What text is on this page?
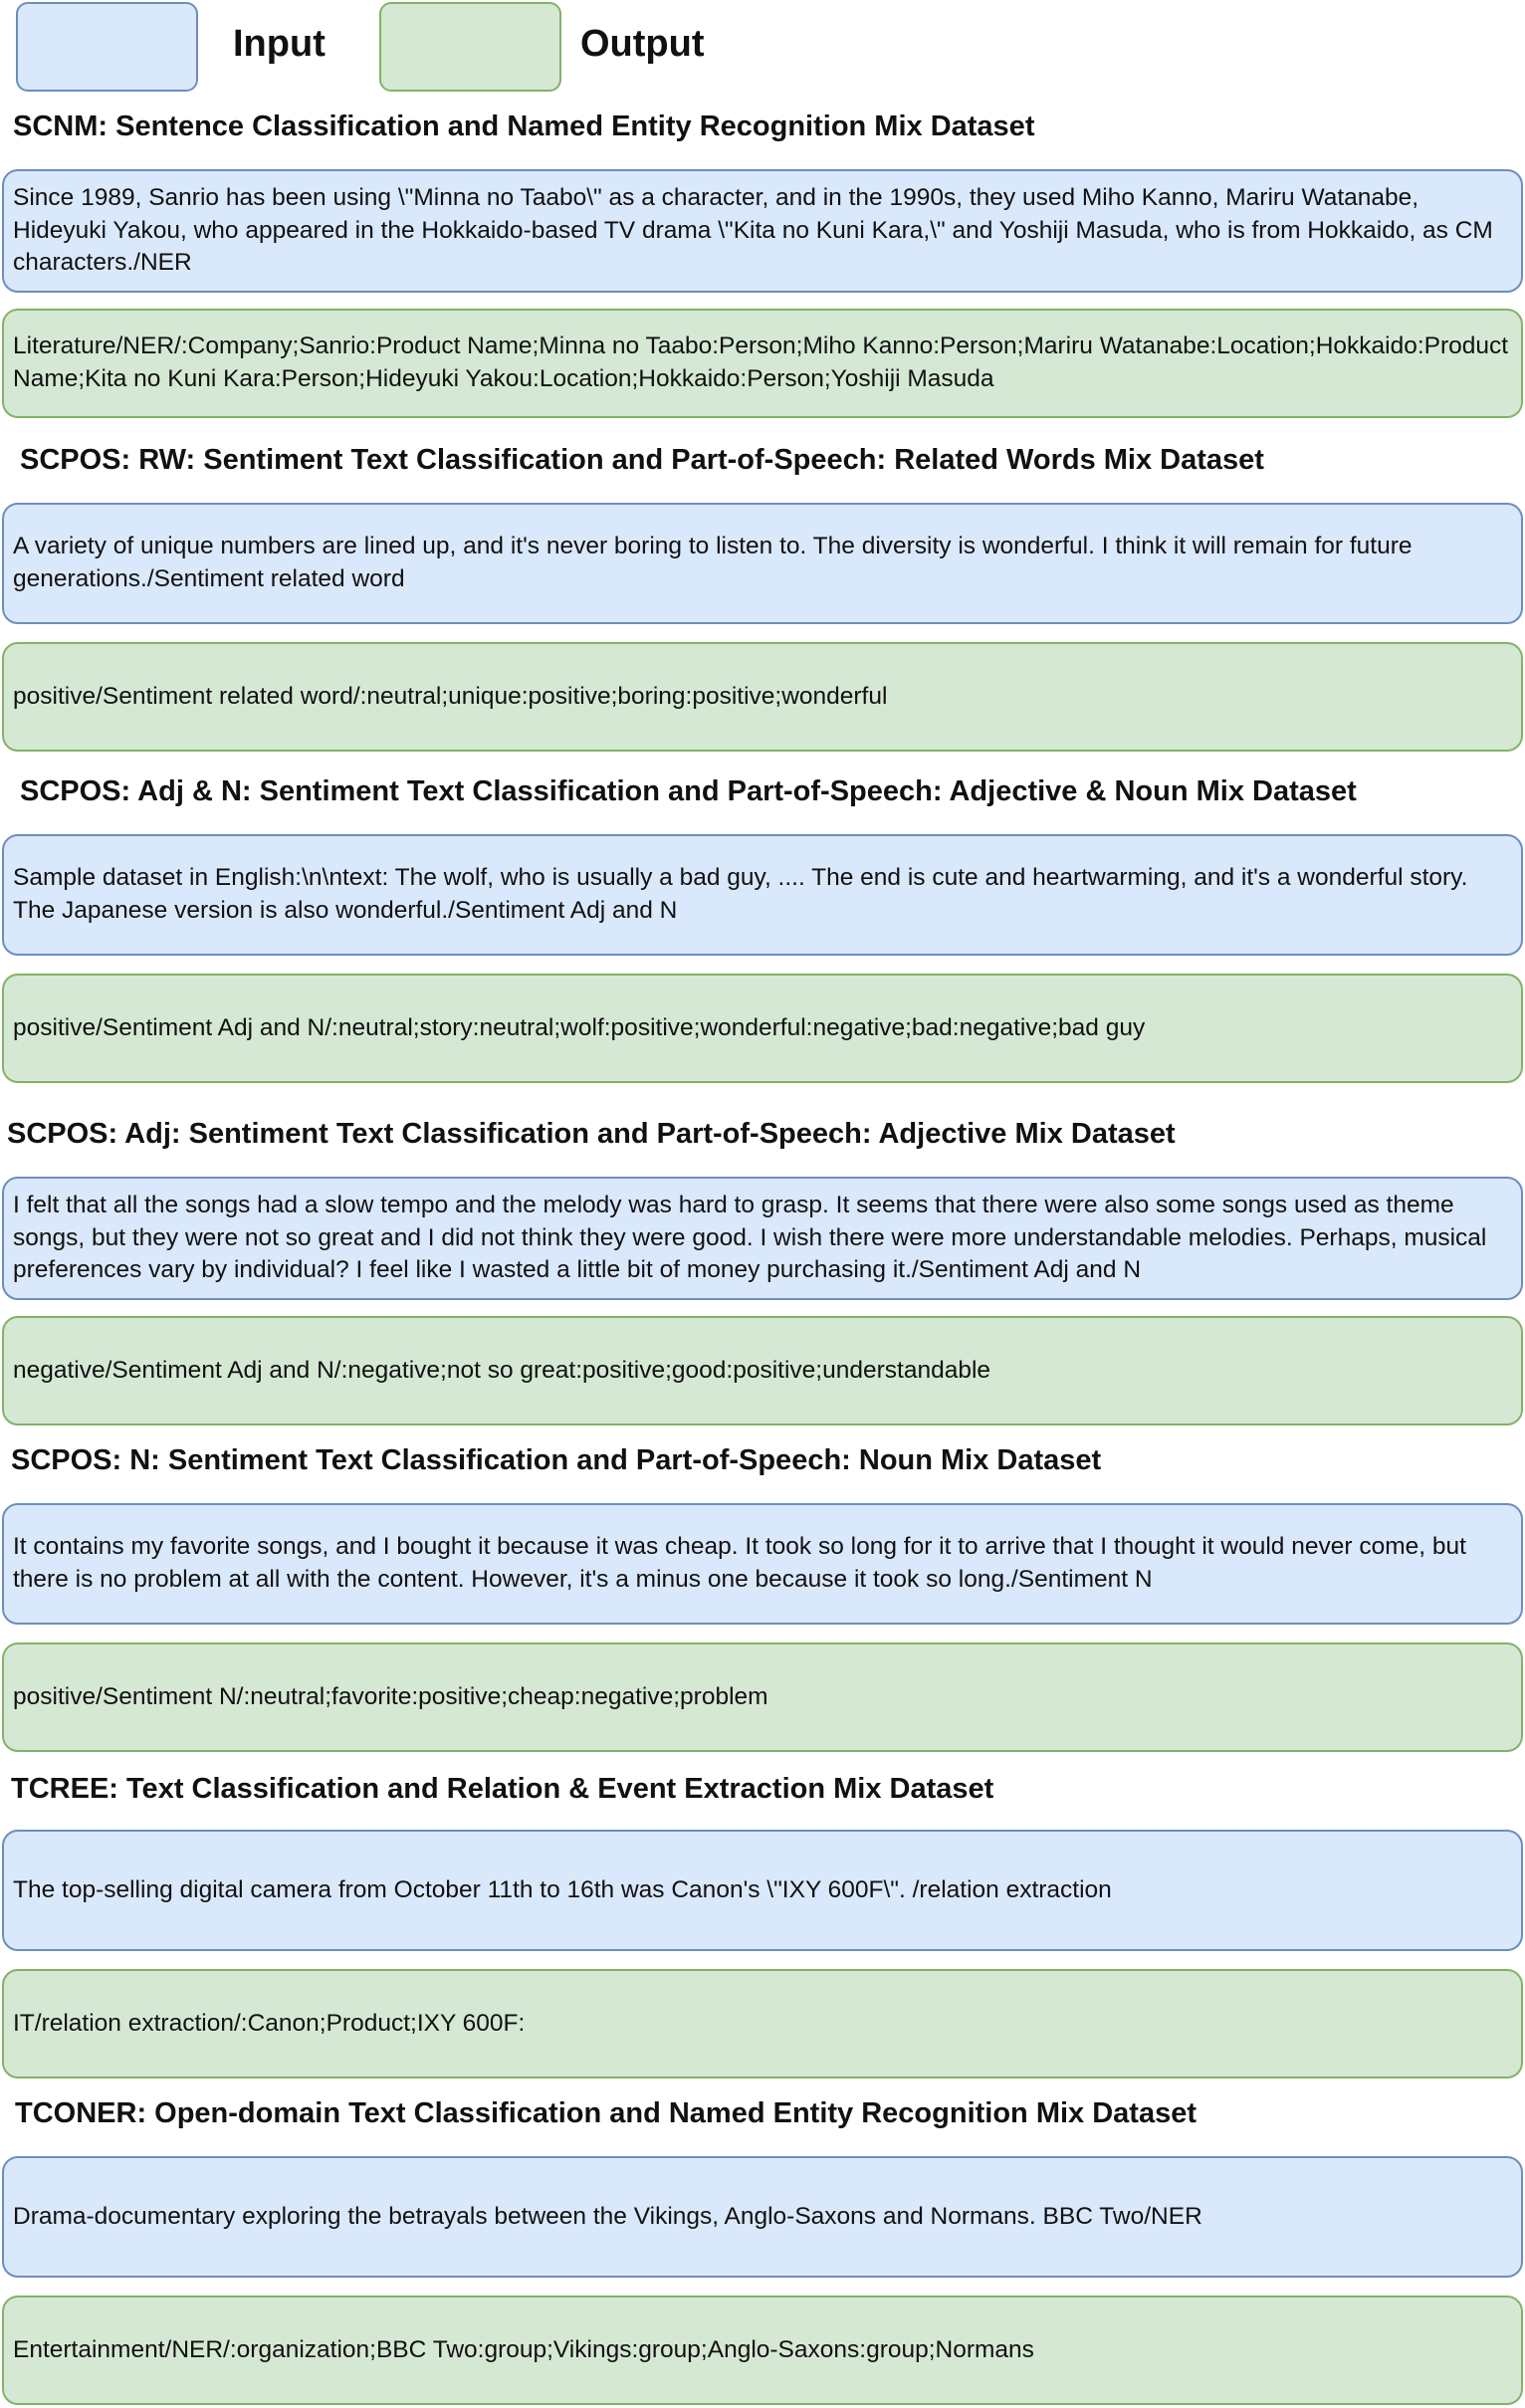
Input	Output
SCNM: Sentence Classification and Named Entity Recognition Mix Dataset
Since 1989, Sanrio has been using \"Minna no Taabo\" as a character, and in the 1990s, they used Miho Kanno, Mariru Watanabe, Hideyuki Yakou, who appeared in the Hokkaido-based TV drama \"Kita no Kuni Kara,\" and Yoshiji Masuda, who is from Hokkaido, as CM characters./NER
Literature/NER/:Company;Sanrio:Product Name;Minna no Taabo:Person;Miho Kanno:Person;Mariru Watanabe:Location;Hokkaido:Product Name;Kita no Kuni Kara:Person;Hideyuki Yakou:Location;Hokkaido:Person;Yoshiji Masuda
SCPOS: RW: Sentiment Text Classification and Part-of-Speech: Related Words Mix Dataset
A variety of unique numbers are lined up, and it's never boring to listen to. The diversity is wonderful. I think it will remain for future generations./Sentiment related word
positive/Sentiment related word/:neutral;unique:positive;boring:positive;wonderful
SCPOS: Adj & N: Sentiment Text Classification and Part-of-Speech: Adjective & Noun Mix Dataset
Sample dataset in English:\n\ntext: The wolf, who is usually a bad guy, .... The end is cute and heartwarming, and it's a wonderful story. The Japanese version is also wonderful./Sentiment Adj and N
positive/Sentiment Adj and N/:neutral;story:neutral;wolf:positive;wonderful:negative;bad:negative;bad guy
SCPOS: Adj: Sentiment Text Classification and Part-of-Speech: Adjective Mix Dataset
I felt that all the songs had a slow tempo and the melody was hard to grasp. It seems that there were also some songs used as theme songs, but they were not so great and I did not think they were good. I wish there were more understandable melodies. Perhaps, musical preferences vary by individual? I feel like I wasted a little bit of money purchasing it./Sentiment Adj and N
negative/Sentiment Adj and N/:negative;not so great:positive;good:positive;understandable
SCPOS: N: Sentiment Text Classification and Part-of-Speech: Noun Mix Dataset
It contains my favorite songs, and I bought it because it was cheap. It took so long for it to arrive that I thought it would never come, but there is no problem at all with the content. However, it's a minus one because it took so long./Sentiment N
positive/Sentiment N/:neutral;favorite:positive;cheap:negative;problem
TCREE: Text Classification and Relation & Event Extraction Mix Dataset
The top-selling digital camera from October 11th to 16th was Canon's \"IXY 600F\". /relation extraction
IT/relation extraction/:Canon;Product;IXY 600F:
TCONER: Open-domain Text Classification and Named Entity Recognition Mix Dataset
Drama-documentary exploring the betrayals between the Vikings, Anglo-Saxons and Normans. BBC Two/NER
Entertainment/NER/:organization;BBC Two:group;Vikings:group;Anglo-Saxons:group;Normans
